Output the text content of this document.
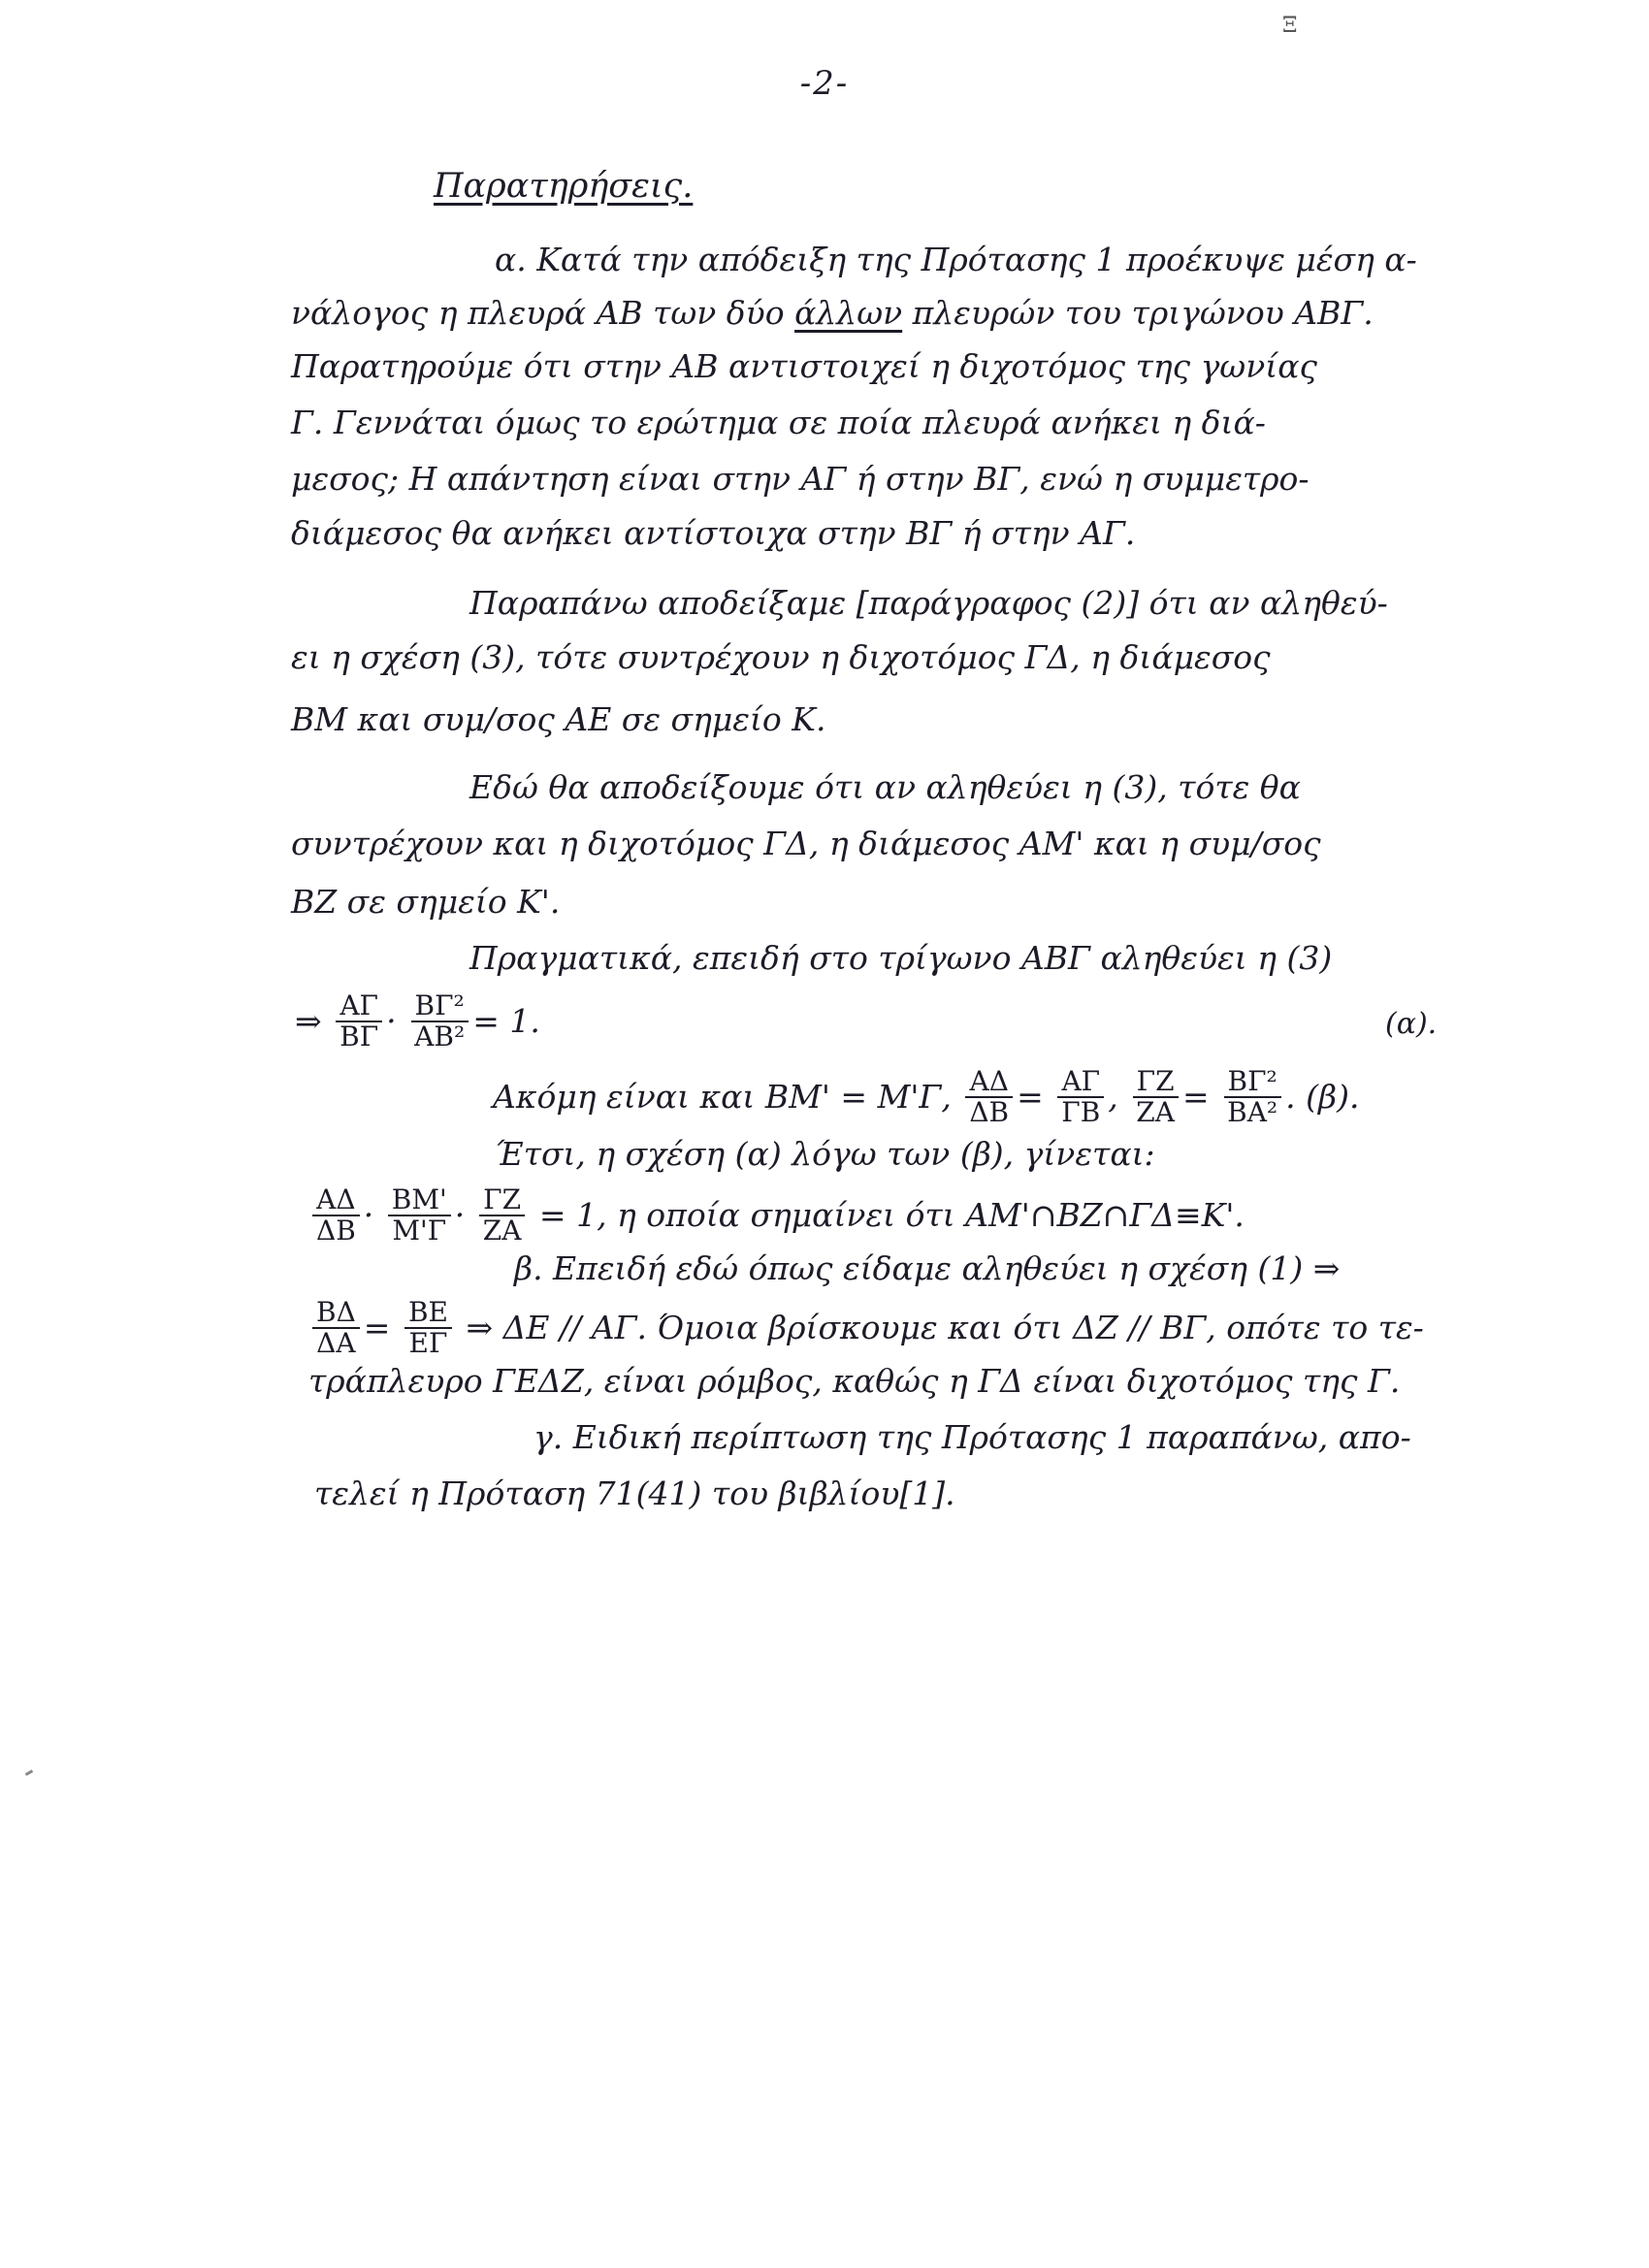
Ξ
-2-
Παρατηρήσεις.
α. Κατά την απόδειξη της Πρότασης 1 προέκυψε μέση α-
νάλογος η πλευρά ΑΒ των δύο άλλων πλευρών του τριγώνου ΑΒΓ.
Παρατηρούμε ότι στην ΑΒ αντιστοιχεί η διχοτόμος της γωνίας
Γ. Γεννάται όμως το ερώτημα σε ποία πλευρά ανήκει η διά-
μεσος; Η απάντηση είναι στην ΑΓ ή στην ΒΓ, ενώ η συμμετρο-
διάμεσος θα ανήκει αντίστοιχα στην ΒΓ ή στην ΑΓ.
Παραπάνω αποδείξαμε [παράγραφος (2)] ότι αν αληθεύ-
ει η σχέση (3), τότε συντρέχουν η διχοτόμος ΓΔ, η διάμεσος
ΒΜ και συμ/σος ΑΕ σε σημείο Κ.
Εδώ θα αποδείξουμε ότι αν αληθεύει η (3), τότε θα
συντρέχουν και η διχοτόμος ΓΔ, η διάμεσος ΑΜ' και η συμ/σος
ΒΖ σε σημείο Κ'.
Πραγματικά, επειδή στο τρίγωνο ΑΒΓ αληθεύει η (3)
⇒ $\frac{A\Gamma}{B\Gamma} \cdot \frac{\text{ΒΓ²}}{\text{ΑΒ²}} = 1$.	(α).
Ακόμη είναι και ΒΜ' = Μ'Γ, $\frac{A\Delta}{\Delta B} = \frac{A\Gamma}{\Gamma B}$ , $\frac{\Gamma Z}{ZA} = \frac{\text{ΒΓ²}}{\text{ΒΑ²}}$ . (β).
Έτσι, η σχέση (α) λόγω των (β), γίνεται:
$\frac{A\Delta}{\Delta B} \cdot \frac{BM'}{M'\Gamma} \cdot \frac{\Gamma Z}{ZA} = 1$, η οποία σημαίνει ότι ΑΜ'∩ΒΖ∩ΓΔ≡Κ'.
β. Επειδή εδώ όπως είδαμε αληθεύει η σχέση (1) ⇒
$\frac{B\Delta}{\Delta A} = \frac{BE}{E\Gamma}$ ⇒ ΔΕ // ΑΓ. Όμοια βρίσκουμε και ότι ΔΖ // ΒΓ, οπότε το τε-
τράπλευρο ΓΕΔΖ, είναι ρόμβος, καθώς η ΓΔ είναι διχοτόμος της Γ.
γ. Ειδική περίπτωση της Πρότασης 1 παραπάνω, απο-
τελεί η Πρόταση 71(41) του βιβλίου[1].
